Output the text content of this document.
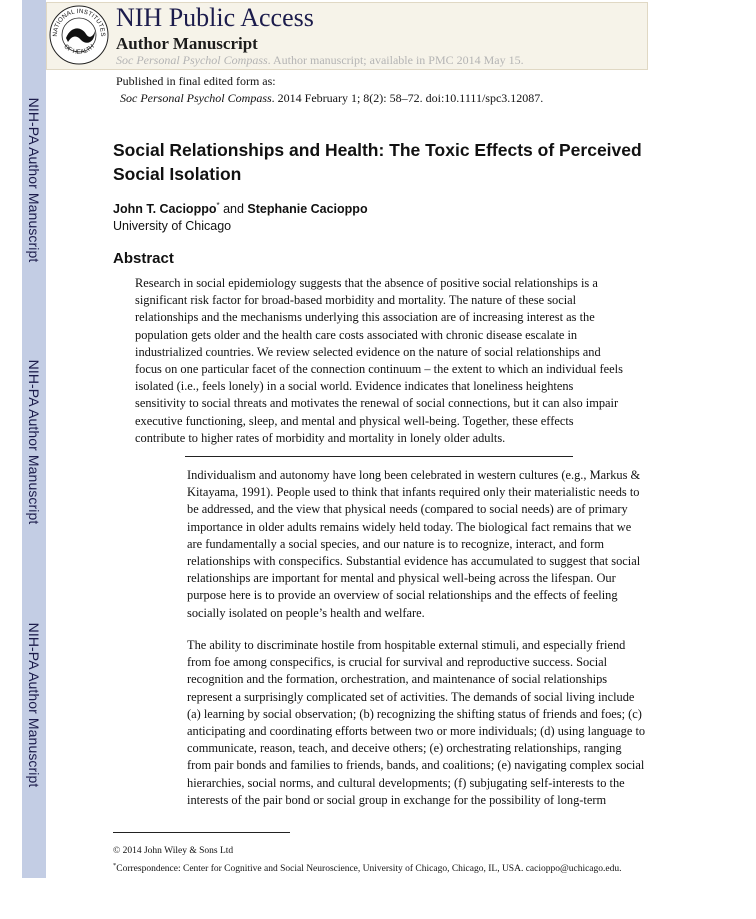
NIH-PA Author Manuscript
NIH-PA Author Manuscript
NIH-PA Author Manuscript
NATIONAL INSTITUTES
OF HEALTH
NIH Public Access
Author Manuscript
Soc Personal Psychol Compass. Author manuscript; available in PMC 2014 May 15.
Published in final edited form as:
Soc Personal Psychol Compass. 2014 February 1; 8(2): 58–72. doi:10.1111/spc3.12087.
Social Relationships and Health: The Toxic Effects of Perceived Social Isolation
John T. Cacioppo* and Stephanie Cacioppo
University of Chicago
Abstract
Research in social epidemiology suggests that the absence of positive social relationships is a
significant risk factor for broad-based morbidity and mortality. The nature of these social
relationships and the mechanisms underlying this association are of increasing interest as the
population gets older and the health care costs associated with chronic disease escalate in
industrialized countries. We review selected evidence on the nature of social relationships and
focus on one particular facet of the connection continuum – the extent to which an individual feels
isolated (i.e., feels lonely) in a social world. Evidence indicates that loneliness heightens
sensitivity to social threats and motivates the renewal of social connections, but it can also impair
executive functioning, sleep, and mental and physical well-being. Together, these effects
contribute to higher rates of morbidity and mortality in lonely older adults.
Individualism and autonomy have long been celebrated in western cultures (e.g., Markus &
Kitayama, 1991). People used to think that infants required only their materialistic needs to
be addressed, and the view that physical needs (compared to social needs) are of primary
importance in older adults remains widely held today. The biological fact remains that we
are fundamentally a social species, and our nature is to recognize, interact, and form
relationships with conspecifics. Substantial evidence has accumulated to suggest that social
relationships are important for mental and physical well-being across the lifespan. Our
purpose here is to provide an overview of social relationships and the effects of feeling
socially isolated on people’s health and welfare.
The ability to discriminate hostile from hospitable external stimuli, and especially friend
from foe among conspecifics, is crucial for survival and reproductive success. Social
recognition and the formation, orchestration, and maintenance of social relationships
represent a surprisingly complicated set of activities. The demands of social living include
(a) learning by social observation; (b) recognizing the shifting status of friends and foes; (c)
anticipating and coordinating efforts between two or more individuals; (d) using language to
communicate, reason, teach, and deceive others; (e) orchestrating relationships, ranging
from pair bonds and families to friends, bands, and coalitions; (e) navigating complex social
hierarchies, social norms, and cultural developments; (f) subjugating self-interests to the
interests of the pair bond or social group in exchange for the possibility of long-term
© 2014 John Wiley & Sons Ltd
*Correspondence: Center for Cognitive and Social Neuroscience, University of Chicago, Chicago, IL, USA. cacioppo@uchicago.edu.
